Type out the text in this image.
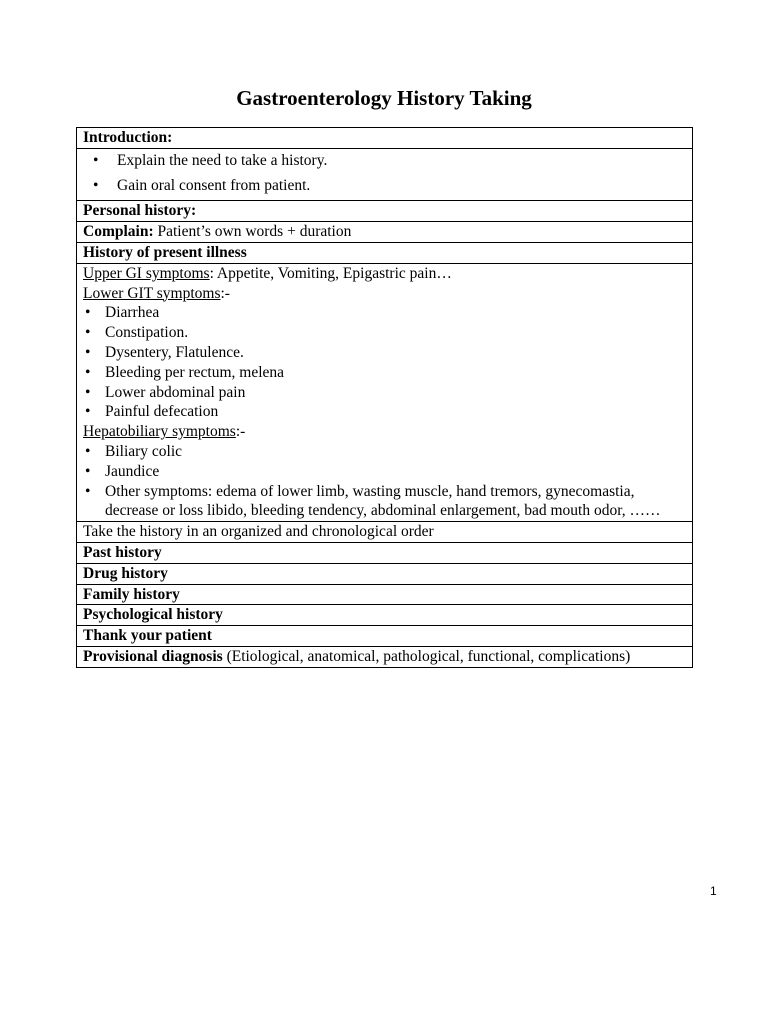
Gastroenterology History Taking
Introduction:

• Explain the need to take a history.
• Gain oral consent from patient.

Personal history:
Complain: Patient’s own words + duration
History of present illness

Upper GI symptoms: Appetite, Vomiting, Epigastric pain…
Lower GIT symptoms:-
• Diarrhea
• Constipation.
• Dysentery, Flatulence.
• Bleeding per rectum, melena
• Lower abdominal pain
• Painful defecation
Hepatobiliary symptoms:-
• Biliary colic
• Jaundice
• Other symptoms: edema of lower limb, wasting muscle, hand tremors, gynecomastia, decrease or loss libido, bleeding tendency, abdominal enlargement, bad mouth odor, ……

Take the history in an organized and chronological order
Past history
Drug history
Family history
Psychological history
Thank your patient
Provisional diagnosis (Etiological, anatomical, pathological, functional, complications)
1
